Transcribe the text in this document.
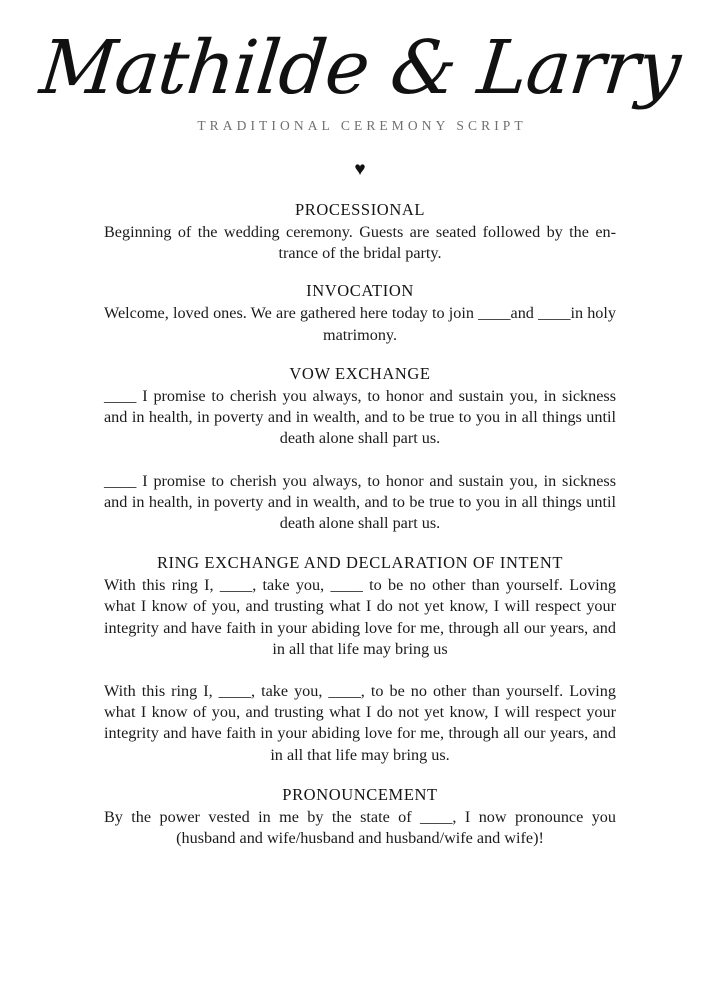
Mathilde & Larry
TRADITIONAL CEREMONY SCRIPT
♥
PROCESSIONAL

Beginning of the wedding ceremony. Guests are seated followed by the en-trance of the bridal party.

INVOCATION

Welcome, loved ones. We are gathered here today to join ____and ____in holy matrimony.

VOW EXCHANGE

____ I promise to cherish you always, to honor and sustain you, in sickness and in health, in poverty and in wealth, and to be true to you in all things until death alone shall part us.

____ I promise to cherish you always, to honor and sustain you, in sickness and in health, in poverty and in wealth, and to be true to you in all things until death alone shall part us.

RING EXCHANGE AND DECLARATION OF INTENT

With this ring I, ____, take you, ____ to be no other than yourself. Loving what I know of you, and trusting what I do not yet know, I will respect your integrity and have faith in your abiding love for me, through all our years, and in all that life may bring us

With this ring I, ____, take you, ____, to be no other than yourself. Loving what I know of you, and trusting what I do not yet know, I will respect your integrity and have faith in your abiding love for me, through all our years, and in all that life may bring us.

PRONOUNCEMENT

By the power vested in me by the state of ____, I now pronounce you (husband and wife/husband and husband/wife and wife)!
